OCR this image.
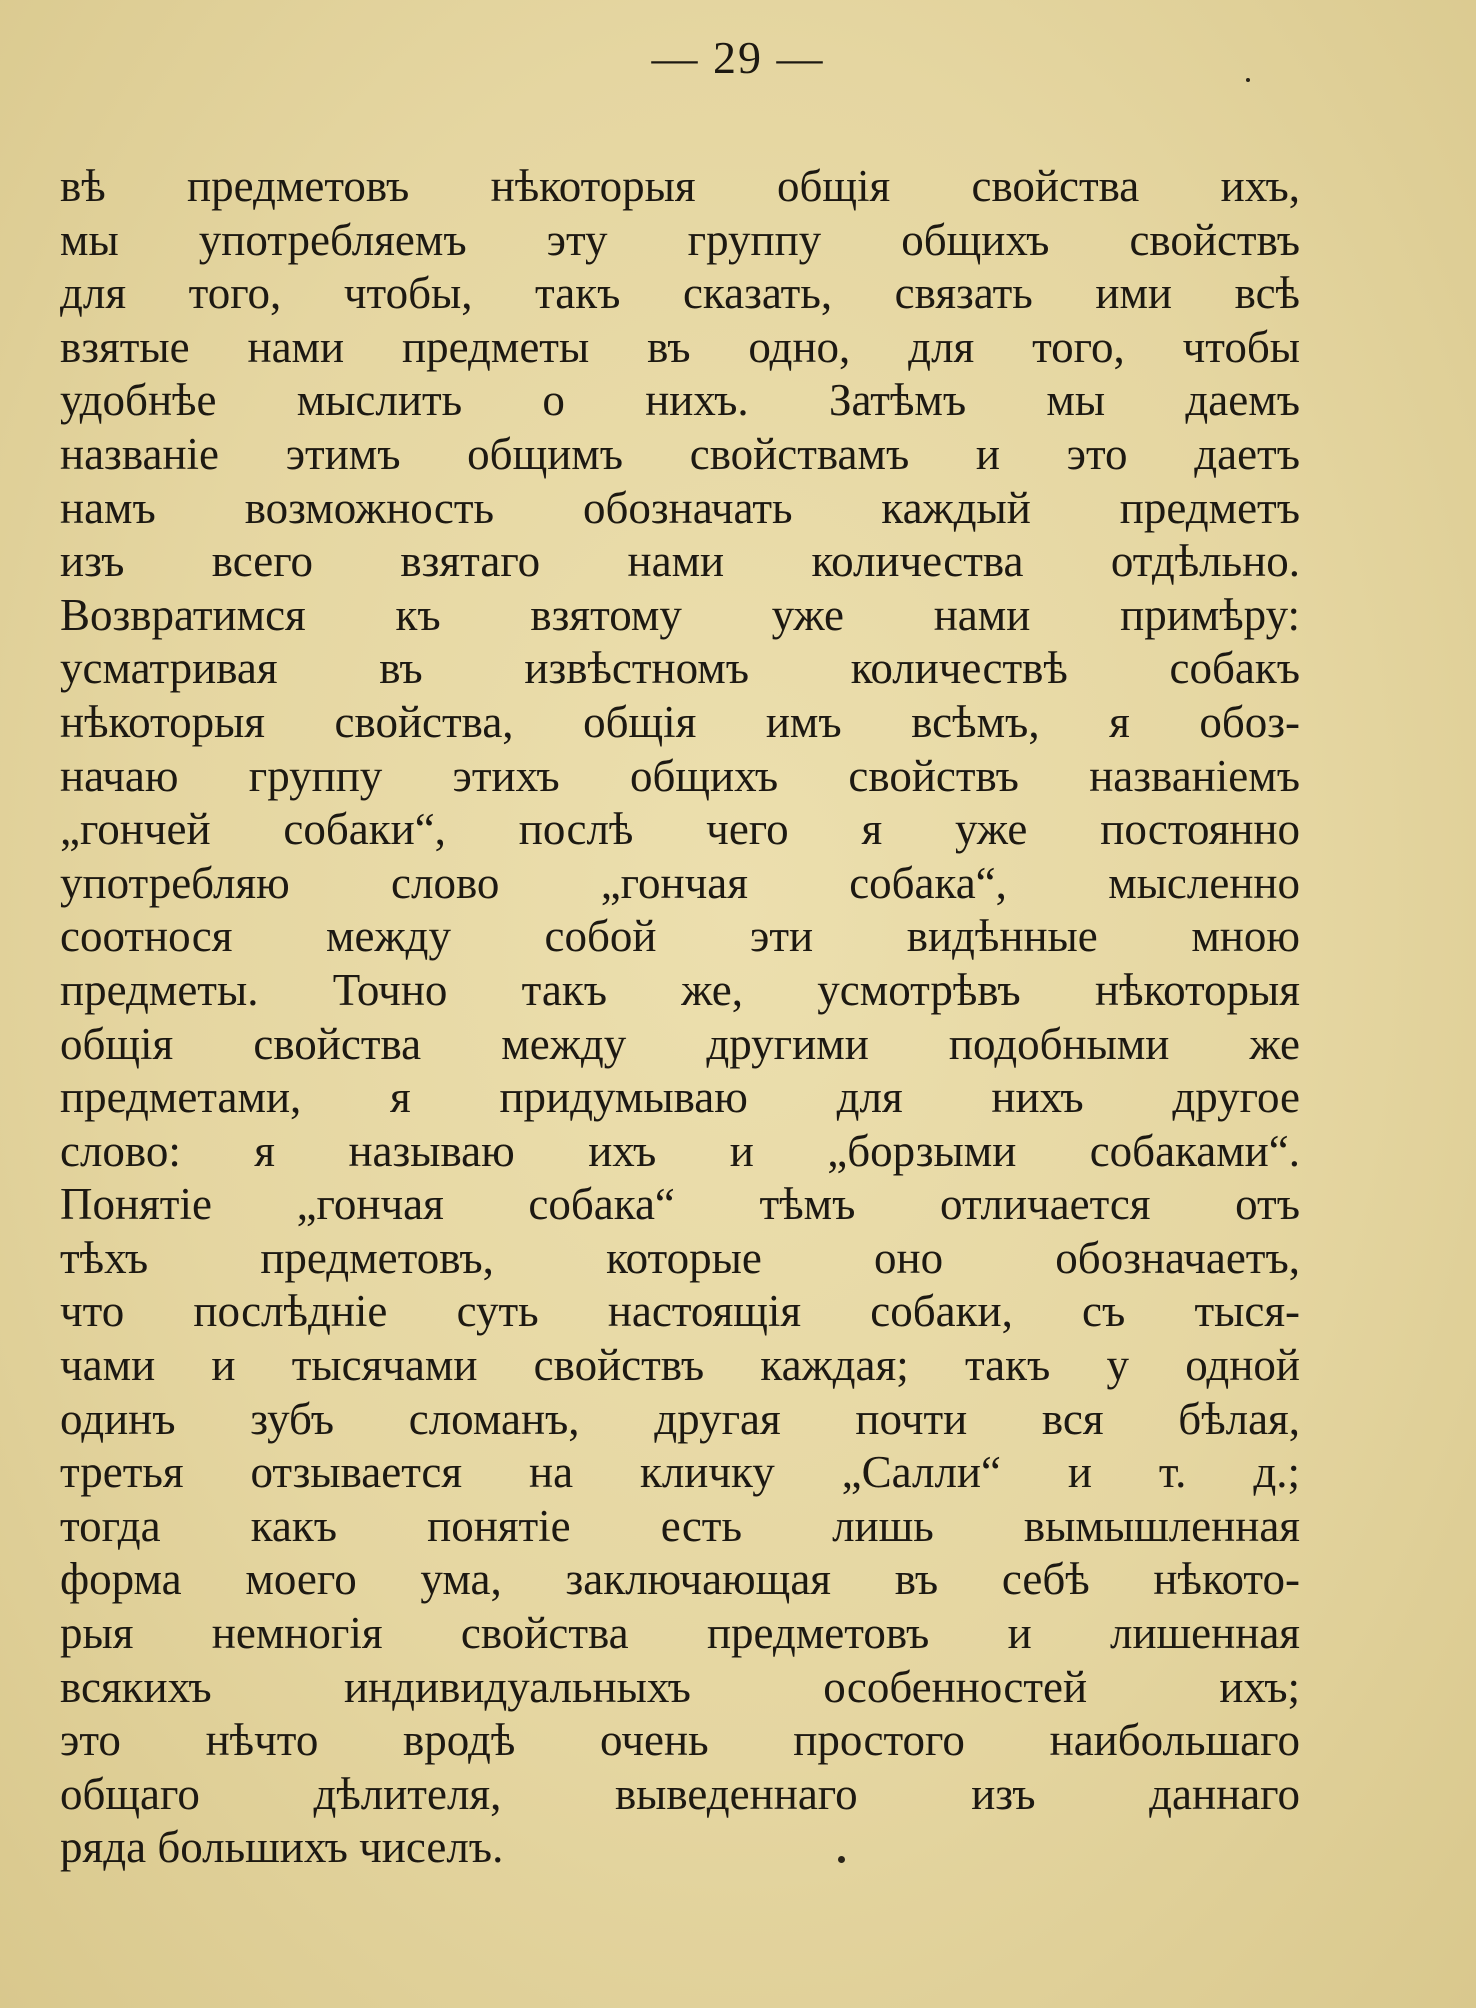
— 29 —
вѣ предметовъ нѣкоторыя общія свойства ихъ,
мы употребляемъ эту группу общихъ свойствъ
для того, чтобы, такъ сказать, связать ими всѣ
взятые нами предметы въ одно, для того, чтобы
удобнѣе мыслить о нихъ. Затѣмъ мы даемъ
названіе этимъ общимъ свойствамъ и это даетъ
намъ возможность обозначать каждый предметъ
изъ всего взятаго нами количества отдѣльно.
Возвратимся къ взятому уже нами примѣру:
усматривая въ извѣстномъ количествѣ собакъ
нѣкоторыя свойства, общія имъ всѣмъ, я обоз-
начаю группу этихъ общихъ свойствъ названіемъ
„гончей собаки“, послѣ чего я уже постоянно
употребляю слово „гончая собака“, мысленно
соотнося между собой эти видѣнные мною
предметы. Точно такъ же, усмотрѣвъ нѣкоторыя
общія свойства между другими подобными же
предметами, я придумываю для нихъ другое
слово: я называю ихъ и „борзыми собаками“.
Понятіе „гончая собака“ тѣмъ отличается отъ
тѣхъ предметовъ, которые оно обозначаетъ,
что послѣдніе суть настоящія собаки, съ тыся-
чами и тысячами свойствъ каждая; такъ у одной
одинъ зубъ сломанъ, другая почти вся бѣлая,
третья отзывается на кличку „Салли“ и т. д.;
тогда какъ понятіе есть лишь вымышленная
форма моего ума, заключающая въ себѣ нѣкото-
рыя немногія свойства предметовъ и лишенная
всякихъ индивидуальныхъ особенностей ихъ;
это нѣчто вродѣ очень простого наибольшаго
общаго дѣлителя, выведеннаго изъ даннаго
ряда большихъ чиселъ.
